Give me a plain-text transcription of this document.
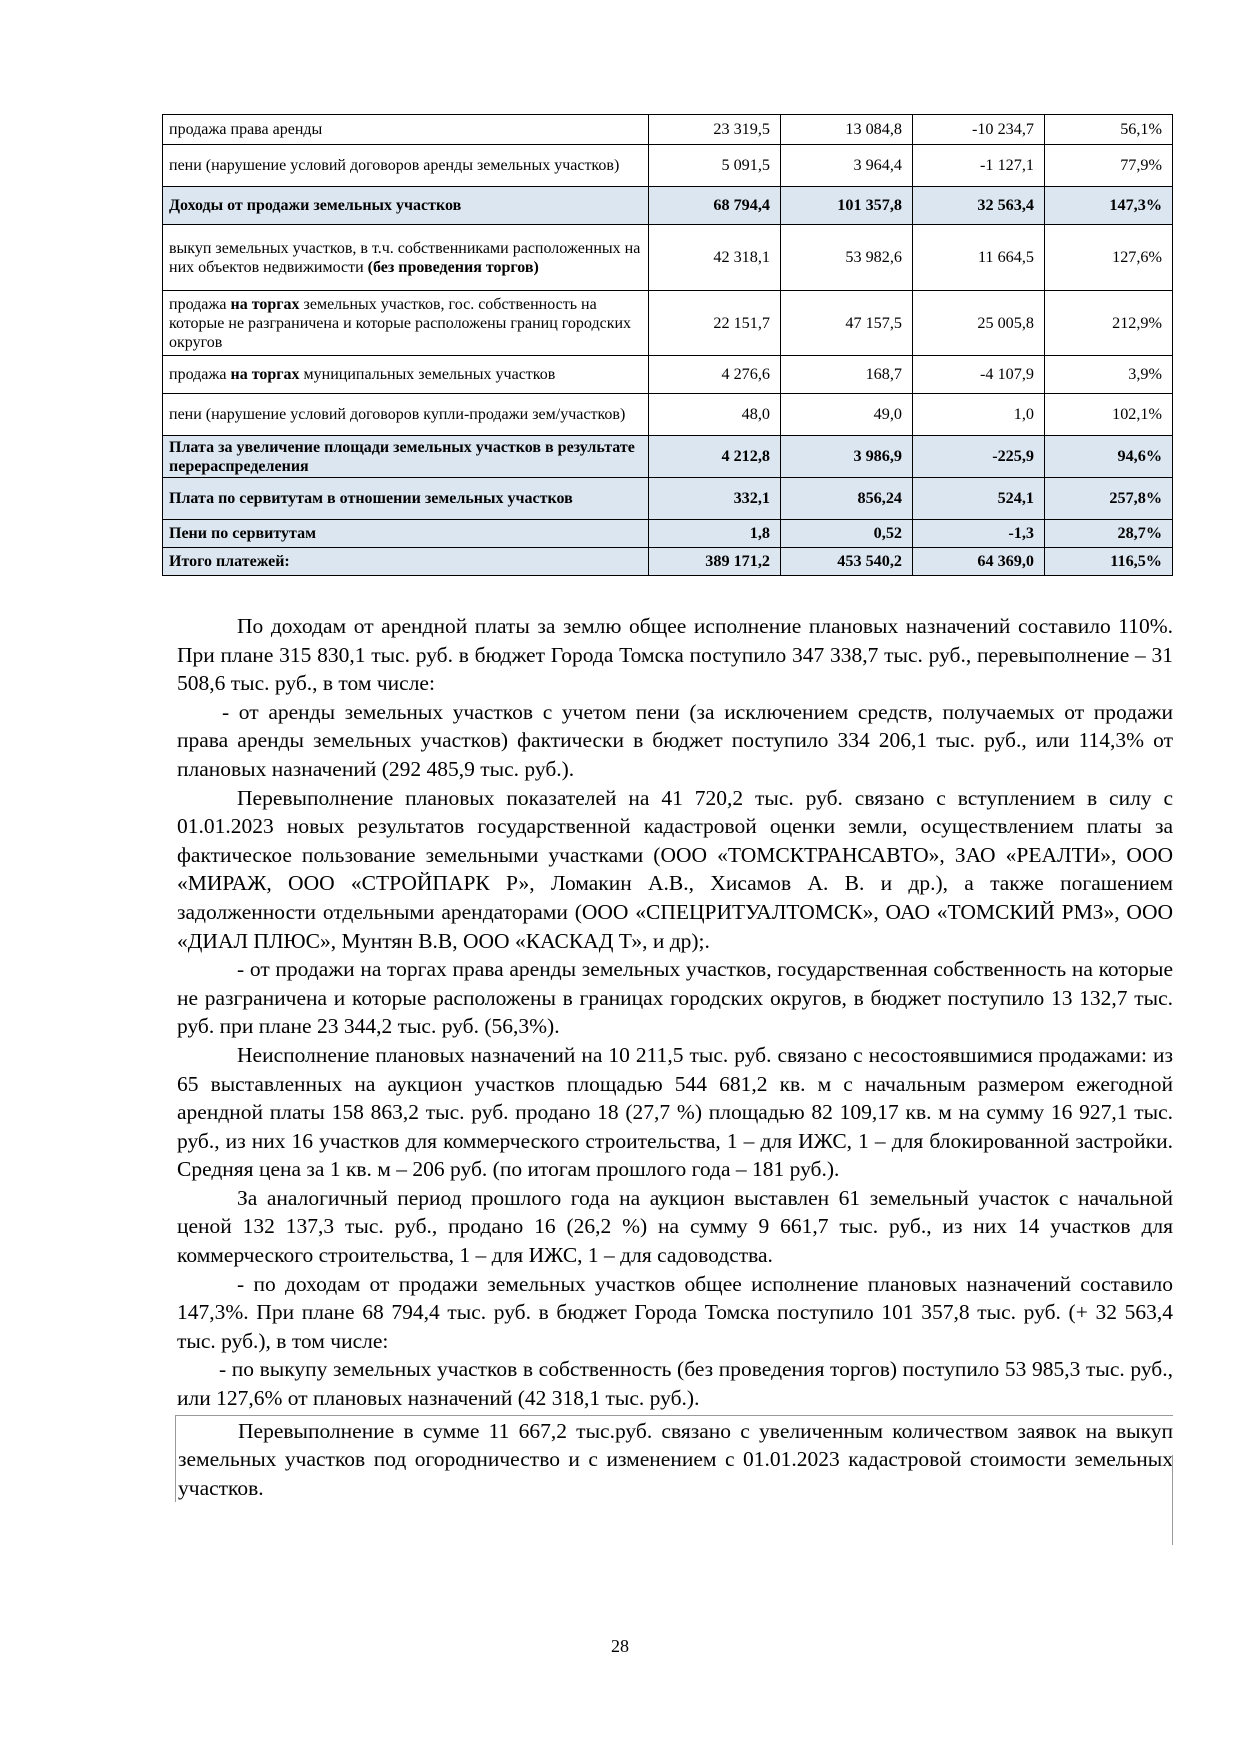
продажа права аренды	23 319,5	13 084,8	-10 234,7	56,1%
пени (нарушение условий договоров аренды земельных участков)	5 091,5	3 964,4	-1 127,1	77,9%
Доходы от продажи земельных участков	68 794,4	101 357,8	32 563,4	147,3%
выкуп земельных участков, в т.ч. собственниками расположенных на них объектов недвижимости (без проведения торгов)	42 318,1	53 982,6	11 664,5	127,6%
продажа на торгах земельных участков, гос. собственность на которые не разграничена и которые расположены границ городских округов	22 151,7	47 157,5	25 005,8	212,9%
продажа на торгах муниципальных земельных участков	4 276,6	168,7	-4 107,9	3,9%
пени (нарушение условий договоров купли-продажи зем/участков)	48,0	49,0	1,0	102,1%
Плата за увеличение площади земельных участков в результате перераспределения	4 212,8	3 986,9	-225,9	94,6%
Плата по сервитутам в отношении земельных участков	332,1	856,24	524,1	257,8%
Пени по сервитутам	1,8	0,52	-1,3	28,7%
Итого платежей:	389 171,2	453 540,2	64 369,0	116,5%

По доходам от арендной платы за землю общее исполнение плановых назначений составило 110%. При плане 315 830,1 тыс. руб. в бюджет Города Томска поступило 347 338,7 тыс. руб., перевыполнение – 31 508,6 тыс. руб., в том числе:

- от аренды земельных участков с учетом пени (за исключением средств, получаемых от продажи права аренды земельных участков) фактически в бюджет поступило 334 206,1 тыс. руб., или 114,3% от плановых назначений (292 485,9 тыс. руб.).

Перевыполнение плановых показателей на 41 720,2 тыс. руб. связано с вступлением в силу с 01.01.2023 новых результатов государственной кадастровой оценки земли, осуществлением платы за фактическое пользование земельными участками (ООО «ТОМСКТРАНСАВТО», ЗАО «РЕАЛТИ», ООО «МИРАЖ, ООО «СТРОЙПАРК Р», Ломакин А.В., Хисамов А. В. и др.), а также погашением задолженности отдельными арендаторами (ООО «СПЕЦРИТУАЛТОМСК», ОАО «ТОМСКИЙ РМЗ», ООО «ДИАЛ ПЛЮС», Мунтян В.В, ООО «КАСКАД Т», и др);.

- от продажи на торгах права аренды земельных участков, государственная собственность на которые не разграничена и которые расположены в границах городских округов, в бюджет поступило 13 132,7 тыс. руб. при плане 23 344,2 тыс. руб. (56,3%).

Неисполнение плановых назначений на 10 211,5 тыс. руб. связано с несостоявшимися продажами: из 65 выставленных на аукцион участков площадью 544 681,2 кв. м с начальным размером ежегодной арендной платы 158 863,2 тыс. руб. продано 18 (27,7 %) площадью 82 109,17 кв. м на сумму 16 927,1 тыс. руб., из них 16 участков для коммерческого строительства, 1 – для ИЖС, 1 – для блокированной застройки. Средняя цена за 1 кв. м – 206 руб. (по итогам прошлого года – 181 руб.).

За аналогичный период прошлого года на аукцион выставлен 61 земельный участок с начальной ценой 132 137,3 тыс. руб., продано 16 (26,2 %) на сумму 9 661,7 тыс. руб., из них 14 участков для коммерческого строительства, 1 – для ИЖС, 1 – для садоводства.

- по доходам от продажи земельных участков общее исполнение плановых назначений составило 147,3%. При плане 68 794,4 тыс. руб. в бюджет Города Томска поступило 101 357,8 тыс. руб. (+ 32 563,4 тыс. руб.), в том числе:

- по выкупу земельных участков в собственность (без проведения торгов) поступило 53 985,3 тыс. руб., или 127,6% от плановых назначений (42 318,1 тыс. руб.).

Перевыполнение в сумме 11 667,2 тыс.руб. связано с увеличенным количеством заявок на выкуп земельных участков под огородничество и с изменением с 01.01.2023 кадастровой стоимости земельных участков.

28
